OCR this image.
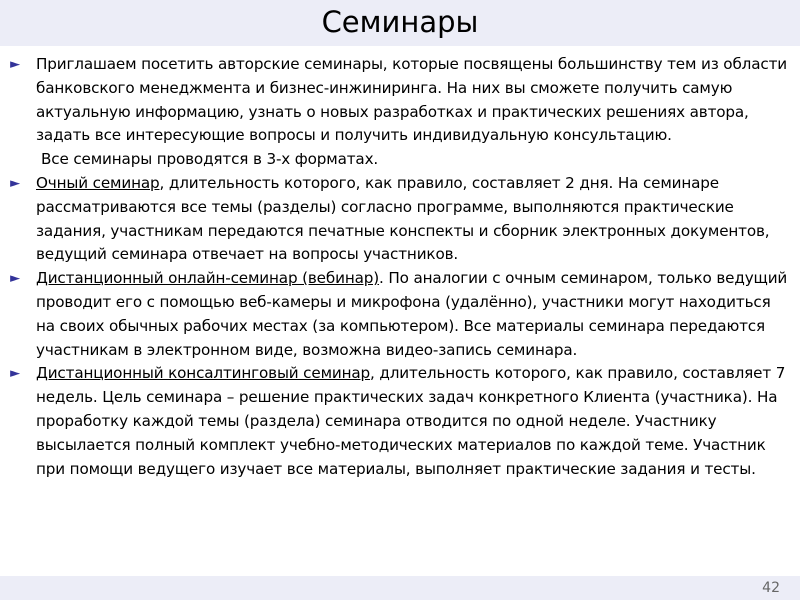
Семинары

► Приглашаем посетить авторские семинары, которые посвящены большинству тем из области банковского менеджмента и бизнес-инжиниринга. На них вы сможете получить самую актуальную информацию, узнать о новых разработках и практических решениях автора, задать все интересующие вопросы и получить индивидуальную консультацию.

Все семинары проводятся в 3-х форматах.

► Очный семинар, длительность которого, как правило, составляет 2 дня. На семинаре рассматриваются все темы (разделы) согласно программе, выполняются практические задания, участникам передаются печатные конспекты и сборник электронных документов, ведущий семинара отвечает на вопросы участников.

► Дистанционный онлайн-семинар (вебинар). По аналогии с очным семинаром, только ведущий проводит его с помощью веб-камеры и микрофона (удалённо), участники могут находиться на своих обычных рабочих местах (за компьютером). Все материалы семинара передаются участникам в электронном виде, возможна видео-запись семинара.

► Дистанционный консалтинговый семинар, длительность которого, как правило, составляет 7 недель. Цель семинара – решение практических задач конкретного Клиента (участника). На проработку каждой темы (раздела) семинара отводится по одной неделе. Участнику высылается полный комплект учебно-методических материалов по каждой теме. Участник при помощи ведущего изучает все материалы, выполняет практические задания и тесты.

42
